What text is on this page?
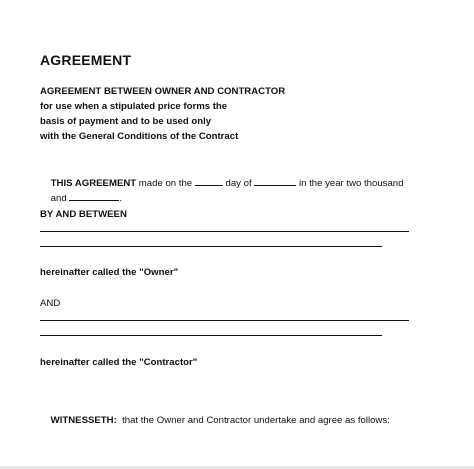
AGREEMENT
AGREEMENT BETWEEN OWNER AND CONTRACTOR
for use when a stipulated price forms the
basis of payment and to be used only
with the General Conditions of the Contract

THIS AGREEMENT made on the	day of	in the year two thousand

and	.

BY AND BETWEEN
hereinafter called the "Owner"
AND
hereinafter called the "Contractor"

WITNESSETH:  that the Owner and Contractor undertake and agree as follows:
